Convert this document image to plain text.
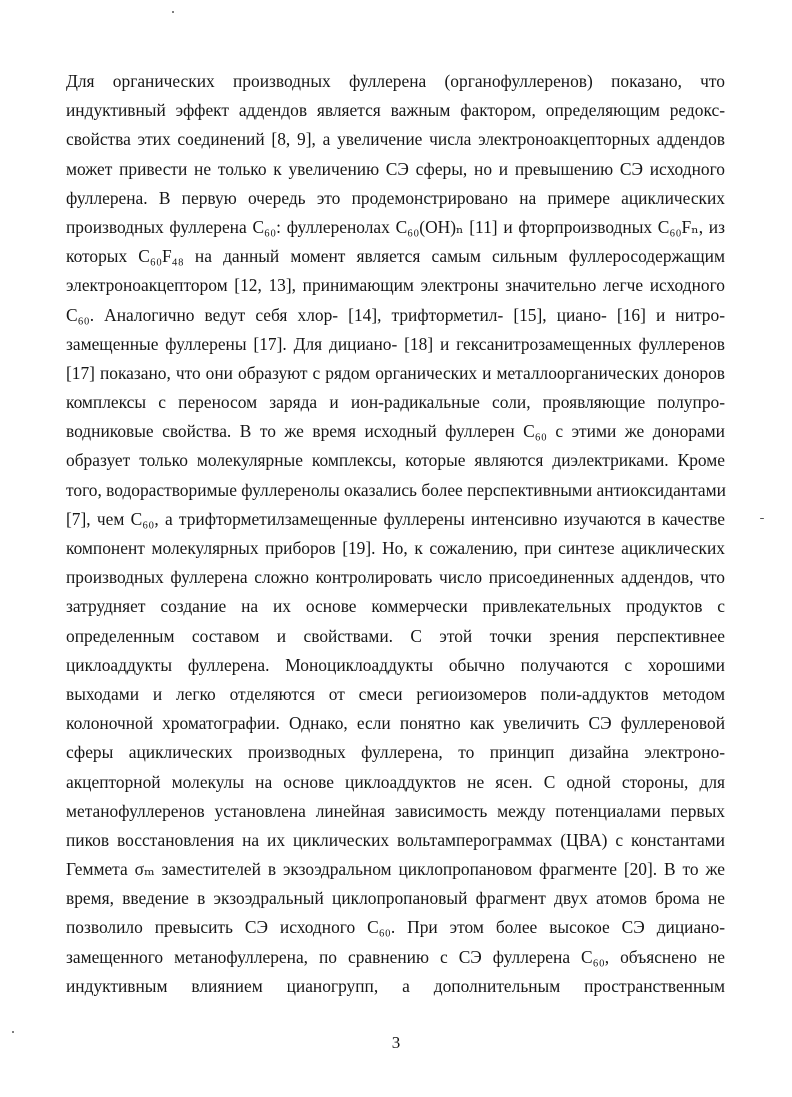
Для органических производных фуллерена (органофуллеренов) показано, что
индуктивный эффект аддендов является важным фактором, определяющим редокс-
свойства этих соединений [8, 9], а увеличение числа электроноакцепторных аддендов
может привести не только к увеличению СЭ сферы, но и превышению СЭ исходного
фуллерена. В первую очередь это продемонстрировано на примере ациклических
производных фуллерена C₆₀: фуллеренолах C₆₀(OH)ₙ [11] и фторпроизводных C₆₀Fₙ, из
которых C₆₀F₄₈ на данный момент является самым сильным фуллеросодержащим
электроноакцептором [12, 13], принимающим электроны значительно легче исходного
C₆₀. Аналогично ведут себя хлор- [14], трифторметил- [15], циано- [16] и нитро-
замещенные фуллерены [17]. Для дициано- [18] и гексанитрозамещенных фуллеренов
[17] показано, что они образуют с рядом органических и металлоорганических доноров
комплексы с переносом заряда и ион-радикальные соли, проявляющие полупро-
водниковые свойства. В то же время исходный фуллерен C₆₀ с этими же донорами
образует только молекулярные комплексы, которые являются диэлектриками. Кроме
того, водорастворимые фуллеренолы оказались более перспективными антиоксидантами
[7], чем C₆₀, а трифторметилзамещенные фуллерены интенсивно изучаются в качестве
компонент молекулярных приборов [19]. Но, к сожалению, при синтезе ациклических
производных фуллерена сложно контролировать число присоединенных аддендов, что
затрудняет создание на их основе коммерчески привлекательных продуктов с
определенным составом и свойствами. С этой точки зрения перспективнее
циклоаддукты фуллерена. Моноциклоаддукты обычно получаются с хорошими
выходами и легко отделяются от смеси региоизомеров поли-аддуктов методом
колоночной хроматографии. Однако, если понятно как увеличить СЭ фуллереновой
сферы ациклических производных фуллерена, то принцип дизайна электроно-
акцепторной молекулы на основе циклоаддуктов не ясен. С одной стороны, для
метанофуллеренов установлена линейная зависимость между потенциалами первых
пиков восстановления на их циклических вольтамперограммах (ЦВА) с константами
Геммета σₘ заместителей в экзоэдральном циклопропановом фрагменте [20]. В то же
время, введение в экзоэдральный циклопропановый фрагмент двух атомов брома не
позволило превысить СЭ исходного C₆₀. При этом более высокое СЭ дициано-
замещенного метанофуллерена, по сравнению с СЭ фуллерена C₆₀, объяснено не
индуктивным влиянием цианогрупп, а дополнительным пространственным
3
